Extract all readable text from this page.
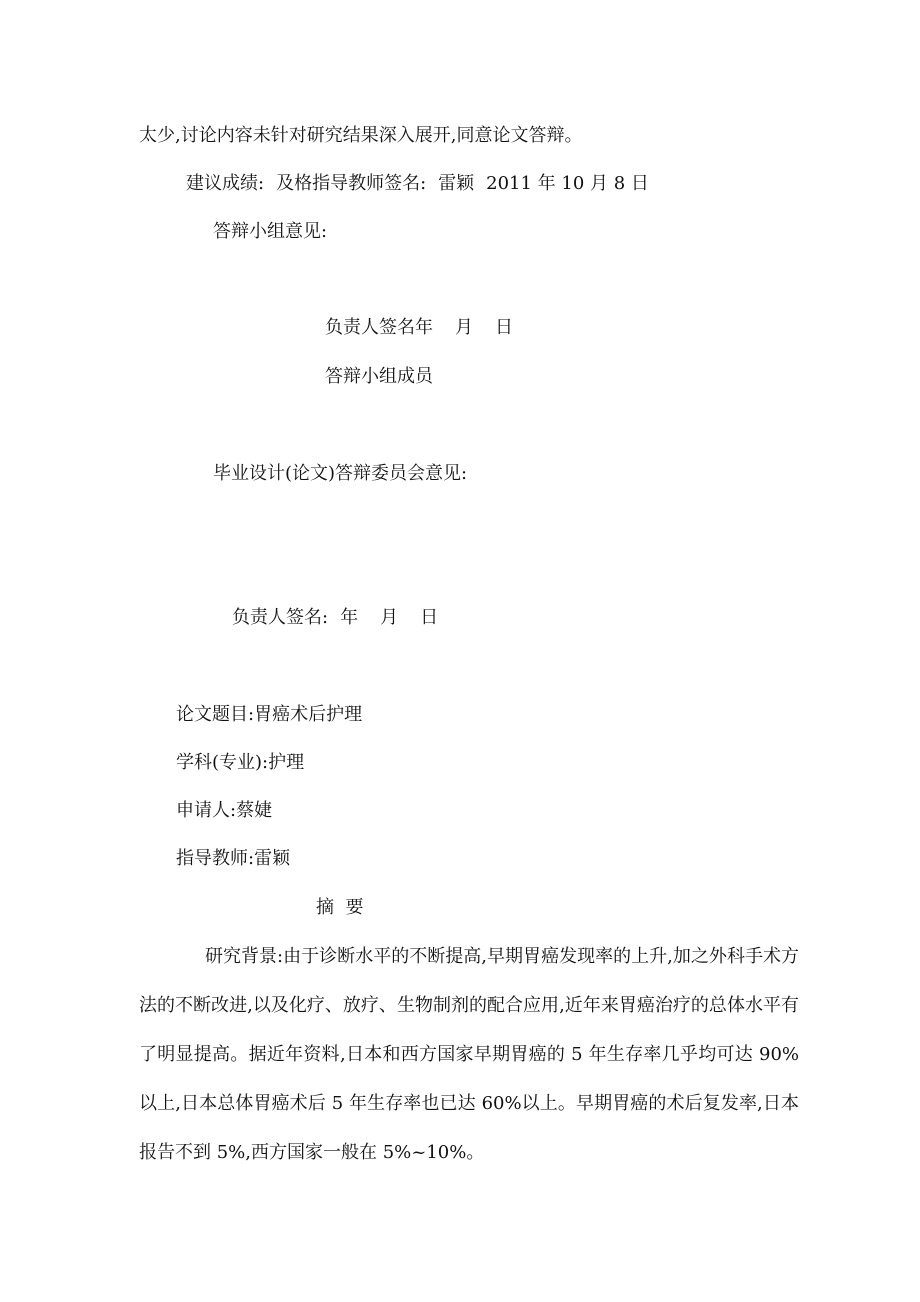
太少,讨论内容未针对研究结果深入展开,同意论文答辩。

建议成绩: 及格指导教师签名: 雷颖 2011 年 10 月 8 日

答辩小组意见:

负责人签名年 月 日

答辩小组成员

毕业设计(论文)答辩委员会意见:

负责人签名: 年 月 日

论文题目:胃癌术后护理

学科(专业):护理

申请人:蔡婕

指导教师:雷颖

摘  要

研究背景:由于诊断水平的不断提高,早期胃癌发现率的上升,加之外科手术方法的不断改进,以及化疗、放疗、生物制剂的配合应用,近年来胃癌治疗的总体水平有了明显提高。据近年资料,日本和西方国家早期胃癌的 5 年生存率几乎均可达 90%以上,日本总体胃癌术后 5 年生存率也已达 60%以上。早期胃癌的术后复发率,日本报告不到 5%,西方国家一般在 5%~10%。
